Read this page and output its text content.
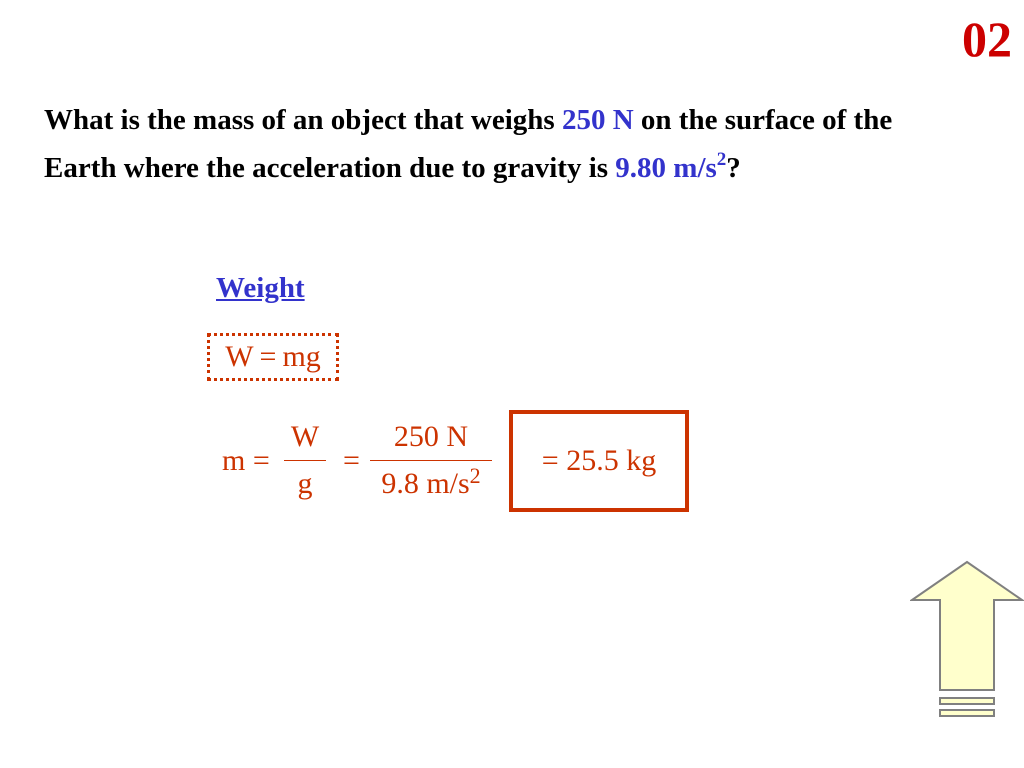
02
What is the mass of an object that weighs 250 N on the surface of the Earth where the acceleration due to gravity is 9.80 $m/s^2$?
Weight
W = mg
m =
W
g
=
250 N
9.8 $m/s^2 = 25.5$ kg
